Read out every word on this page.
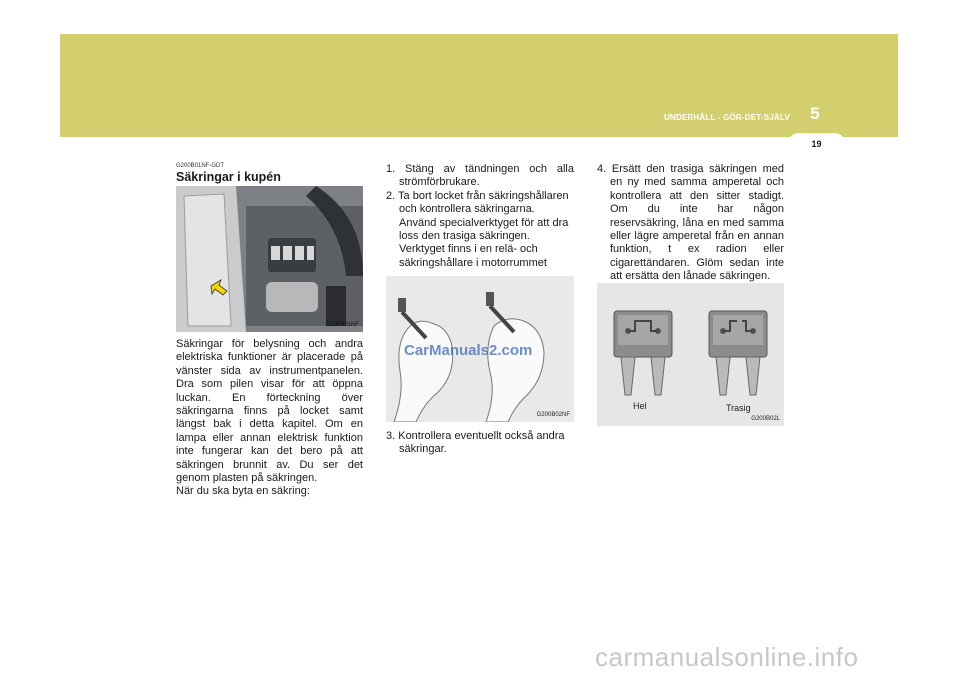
UNDERHÅLL - GÖR-DET-SJÄLV	5
19
G200B01NF-GDT
Säkringar i kupén
G200B01NF
Säkringar för belysning och andra elektriska funktioner är placerade på vänster sida av instrumentpanelen. Dra som pilen visar för att öppna luckan. En förteckning över säkringarna finns på locket samt längst bak i detta kapitel. Om en lampa eller annan elektrisk funktion inte fungerar kan det bero på att säkringen brunnit av. Du ser det genom plasten på säkringen.

När du ska byta en säkring:
1. Stäng av tändningen och alla strömförbrukare.
2. Ta bort locket från säkringshållaren och kontrollera säkringarna. Använd specialverktyget för att dra loss den trasiga säkringen. Verktyget finns i en relä- och säkringshållare i motorrummet
G200B02NF
CarManuals2.com
3. Kontrollera eventuellt också andra säkringar.
4. Ersätt den trasiga säkringen med en ny med samma amperetal och kontrollera att den sitter stadigt. Om du inte har någon reservsäkring, låna en med samma eller lägre amperetal från en annan funktion, t ex radion eller cigarettändaren. Glöm sedan inte att ersätta den lånade säkringen.
Hel	Trasig
G200B02L
carmanualsonline.info
